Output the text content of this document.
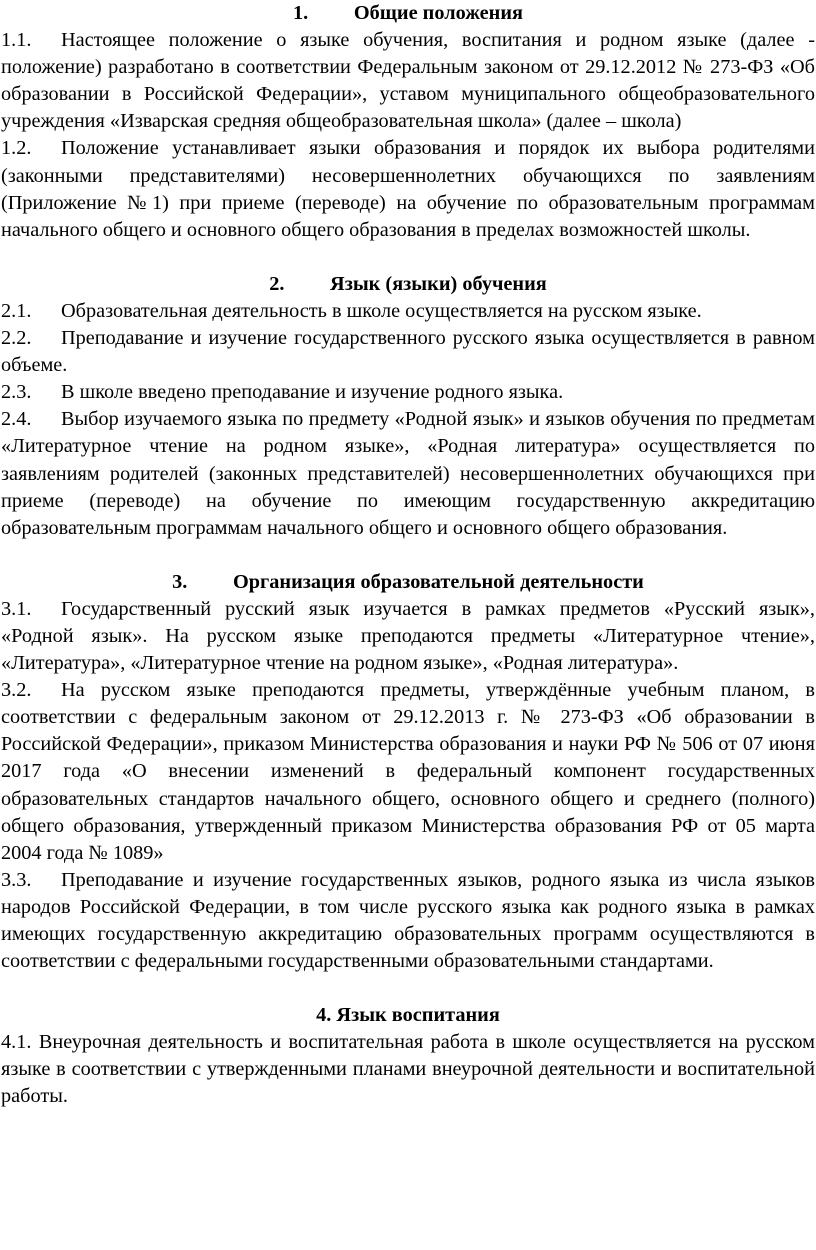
1.         Общие положения
1.1. Настоящее положение о языке обучения, воспитания и родном языке (далее - положение) разработано в соответствии Федеральным законом от 29.12.2012 № 273-ФЗ «Об образовании в Российской Федерации», уставом муниципального общеобразовательного учреждения «Изварская средняя общеобразовательная школа» (далее – школа)
1.2. Положение устанавливает языки образования и порядок их выбора родителями (законными представителями) несовершеннолетних обучающихся по заявлениям (Приложение №1) при приеме (переводе) на обучение по образовательным программам начального общего и основного общего образования в пределах возможностей школы.
2.         Язык (языки) обучения
2.1. Образовательная деятельность в школе осуществляется на русском языке.
2.2. Преподавание и изучение государственного русского языка осуществляется в равном объеме.
2.3. В школе введено преподавание и изучение родного языка.
2.4. Выбор изучаемого языка по предмету «Родной язык» и языков обучения по предметам «Литературное чтение на родном языке», «Родная литература» осуществляется по заявлениям родителей (законных представителей) несовершеннолетних обучающихся при приеме (переводе) на обучение по имеющим государственную аккредитацию образовательным программам начального общего и основного общего образования.
3.         Организация образовательной деятельности
3.1. Государственный русский язык изучается в рамках предметов «Русский язык», «Родной язык». На русском языке преподаются предметы «Литературное чтение», «Литература», «Литературное чтение на родном языке», «Родная литература».
3.2. На русском языке преподаются предметы, утверждённые учебным планом, в соответствии с федеральным законом от 29.12.2013 г. № 273-ФЗ «Об образовании в Российской Федерации», приказом Министерства образования и науки РФ № 506 от 07 июня 2017 года «О внесении изменений в федеральный компонент государственных образовательных стандартов начального общего, основного общего и среднего (полного) общего образования, утвержденный приказом Министерства образования РФ от 05 марта 2004 года № 1089»
3.3. Преподавание и изучение государственных языков, родного языка из числа языков народов Российской Федерации, в том числе русского языка как родного языка в рамках имеющих государственную аккредитацию образовательных программ осуществляются в соответствии с федеральными государственными образовательными стандартами.
4. Язык воспитания
4.1. Внеурочная деятельность и воспитательная работа в школе осуществляется на русском языке в соответствии с утвержденными планами внеурочной деятельности и воспитательной работы.
